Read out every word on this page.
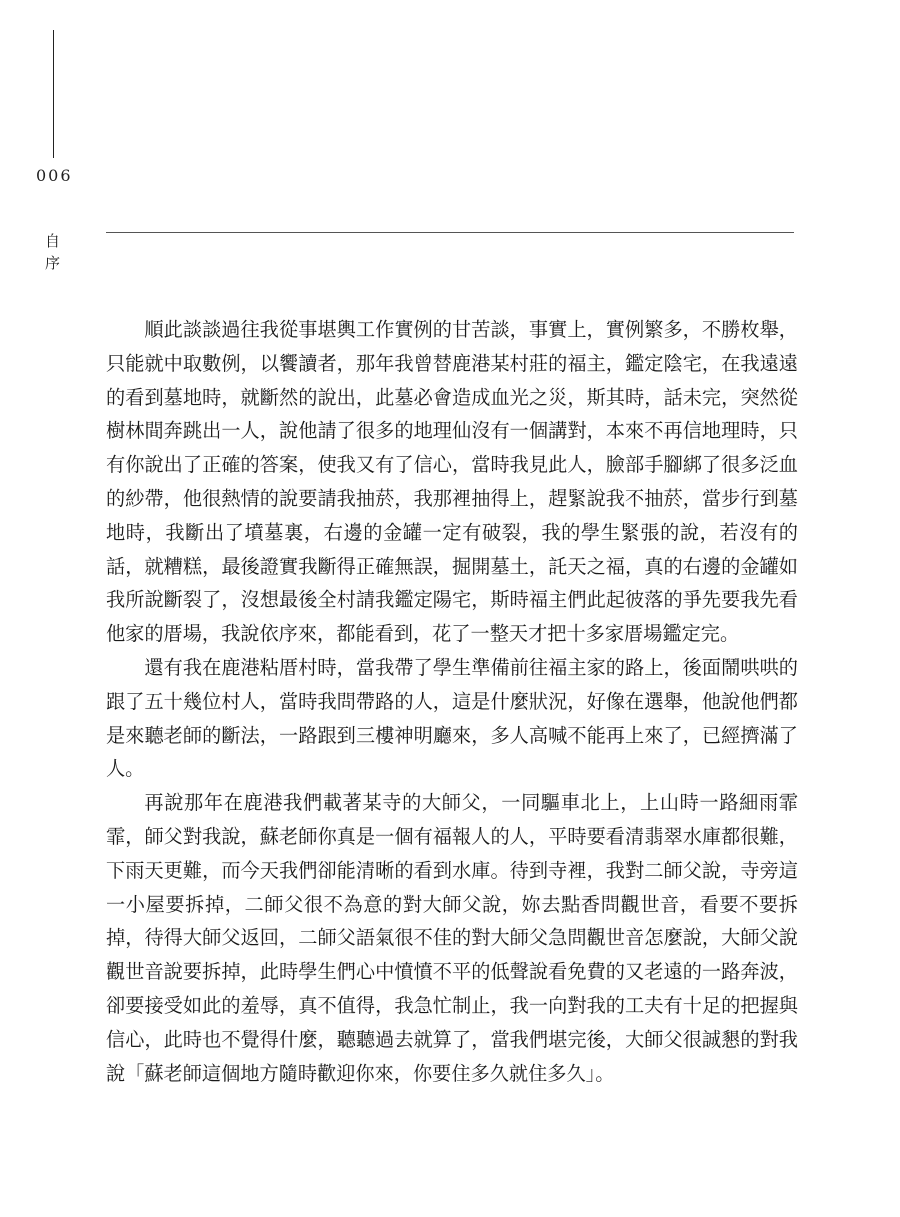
006
自
序

順此談談過往我從事堪輿工作實例的甘苦談，事實上，實例繁多，不勝枚舉，只能就中取數例，以饗讀者，那年我曾替鹿港某村莊的福主，鑑定陰宅，在我遠遠的看到墓地時，就斷然的說出，此墓必會造成血光之災，斯其時，話未完，突然從樹林間奔跳出一人，說他請了很多的地理仙沒有一個講對，本來不再信地理時，只有你說出了正確的答案，使我又有了信心，當時我見此人，臉部手腳綁了很多泛血的紗帶，他很熱情的說要請我抽菸，我那裡抽得上，趕緊說我不抽菸，當步行到墓地時，我斷出了墳墓裏，右邊的金罐一定有破裂，我的學生緊張的說，若沒有的話，就糟糕，最後證實我斷得正確無誤，掘開墓土，託天之福，真的右邊的金罐如我所說斷裂了，沒想最後全村請我鑑定陽宅，斯時福主們此起彼落的爭先要我先看他家的厝場，我說依序來，都能看到，花了一整天才把十多家厝場鑑定完。

還有我在鹿港粘厝村時，當我帶了學生準備前往福主家的路上，後面鬧哄哄的跟了五十幾位村人，當時我問帶路的人，這是什麼狀況，好像在選舉，他說他們都是來聽老師的斷法，一路跟到三樓神明廳來，多人高喊不能再上來了，已經擠滿了人。

再說那年在鹿港我們載著某寺的大師父，一同驅車北上，上山時一路細雨霏霏，師父對我說，蘇老師你真是一個有福報人的人，平時要看清翡翠水庫都很難，下雨天更難，而今天我們卻能清晰的看到水庫。待到寺裡，我對二師父說，寺旁這一小屋要拆掉，二師父很不為意的對大師父說，妳去點香問觀世音，看要不要拆掉，待得大師父返回，二師父語氣很不佳的對大師父急問觀世音怎麼說，大師父說觀世音說要拆掉，此時學生們心中憤憤不平的低聲說看免費的又老遠的一路奔波，卻要接受如此的羞辱，真不值得，我急忙制止，我一向對我的工夫有十足的把握與信心，此時也不覺得什麼，聽聽過去就算了，當我們堪完後，大師父很誠懇的對我說「蘇老師這個地方隨時歡迎你來，你要住多久就住多久」。
